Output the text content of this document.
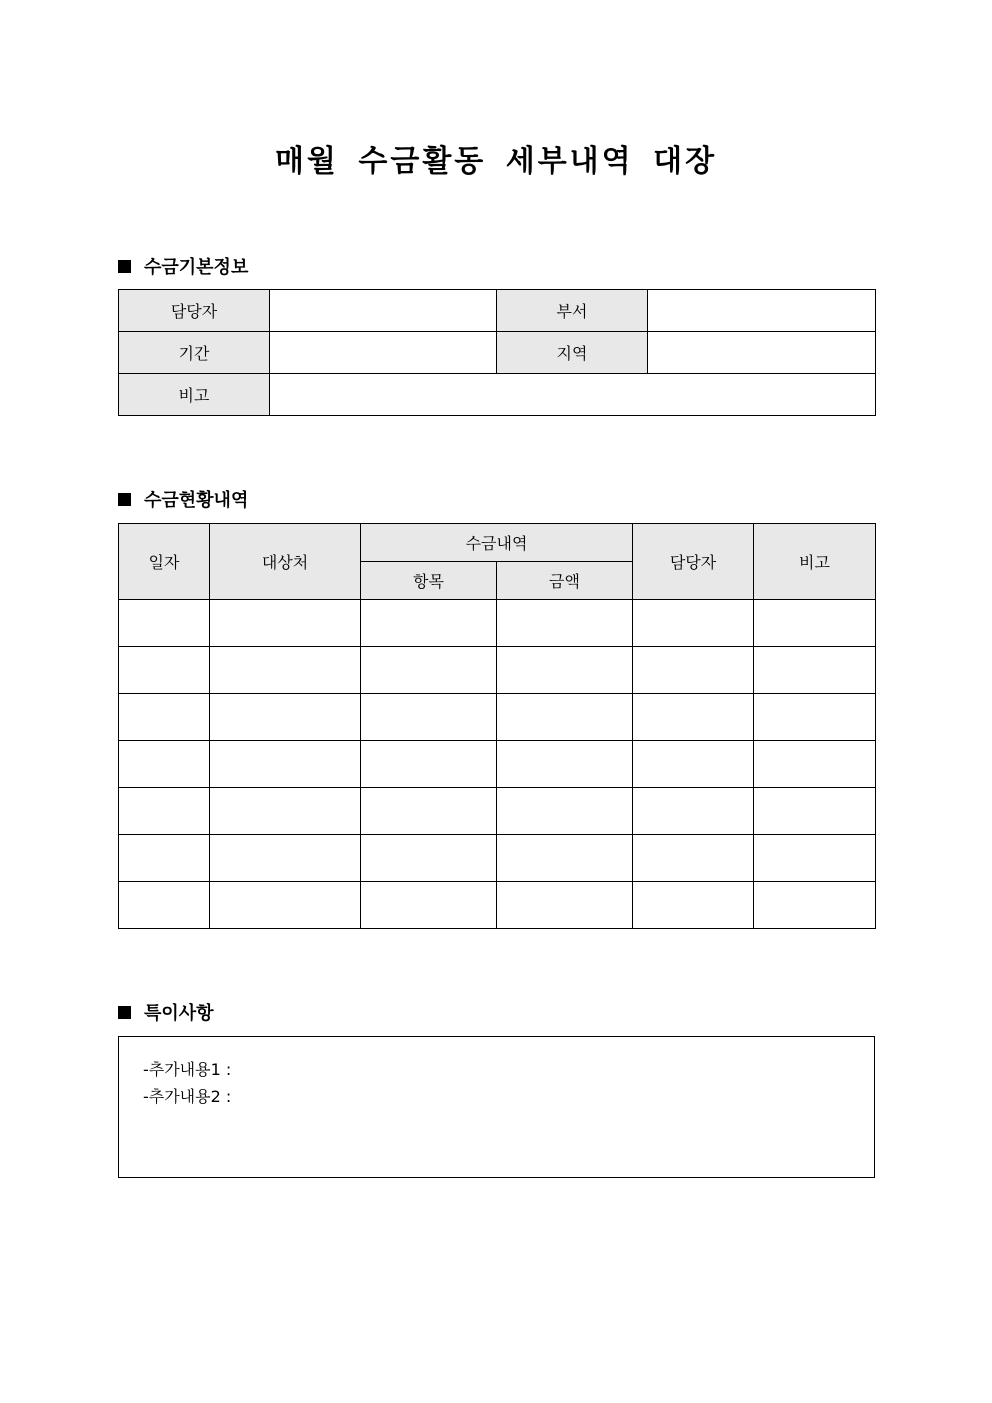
매월 수금활동 세부내역 대장
수금기본정보
담당자		부서	
기간		지역	
비고			
수금현황내역
일자	대상처	수금내역		담당자	비고
		항목	금액		

특이사항
-추가내용1 :
-추가내용2 :
